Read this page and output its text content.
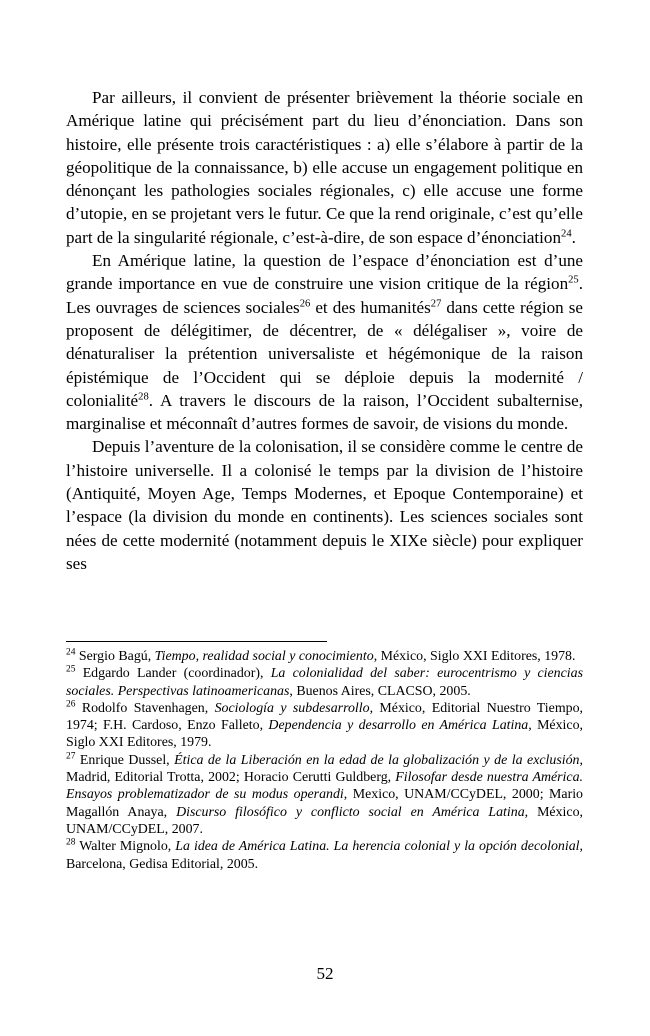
Par ailleurs, il convient de présenter brièvement la théorie sociale en Amérique latine qui précisément part du lieu d’énonciation. Dans son histoire, elle présente trois caractéristiques : a) elle s’élabore à partir de la géopolitique de la connaissance, b) elle accuse un engagement politique en dénonçant les pathologies sociales régionales, c) elle accuse une forme d’utopie, en se projetant vers le futur. Ce que la rend originale, c’est qu’elle part de la singularité régionale, c’est-à-dire, de son espace d’énonciation$^{24}$.

En Amérique latine, la question de l’espace d’énonciation est d’une grande importance en vue de construire une vision critique de la région$^{25}$. Les ouvrages de sciences sociales$^{26}$ et des humanités$^{27}$ dans cette région se proposent de délégitimer, de décentrer, de « délégaliser », voire de dénaturaliser la prétention universaliste et hégémonique de la raison épistémique de l’Occident qui se déploie depuis la modernité / colonialité$^{28}$. A travers le discours de la raison, l’Occident subalternise, marginalise et méconnaît d’autres formes de savoir, de visions du monde.

Depuis l’aventure de la colonisation, il se considère comme le centre de l’histoire universelle. Il a colonisé le temps par la division de l’histoire (Antiquité, Moyen Age, Temps Modernes, et Epoque Contemporaine) et l’espace (la division du monde en continents). Les sciences sociales sont nées de cette modernité (notamment depuis le XIXe siècle) pour expliquer ses

$^{24}$ Sergio Bagú, Tiempo, realidad social y conocimiento, México, Siglo XXI Editores, 1978.

$^{25}$ Edgardo Lander (coordinador), La colonialidad del saber: eurocentrismo y ciencias sociales. Perspectivas latinoamericanas, Buenos Aires, CLACSO, 2005.

$^{26}$ Rodolfo Stavenhagen, Sociología y subdesarrollo, México, Editorial Nuestro Tiempo, 1974; F.H. Cardoso, Enzo Falleto, Dependencia y desarrollo en América Latina, México, Siglo XXI Editores, 1979.

$^{27}$ Enrique Dussel, Ética de la Liberación en la edad de la globalización y de la exclusión, Madrid, Editorial Trotta, 2002; Horacio Cerutti Guldberg, Filosofar desde nuestra América. Ensayos problematizador de su modus operandi, Mexico, UNAM/CCyDEL, 2000; Mario Magallón Anaya, Discurso filosófico y conflicto social en América Latina, México, UNAM/CCyDEL, 2007.

$^{28}$ Walter Mignolo, La idea de América Latina. La herencia colonial y la opción decolonial, Barcelona, Gedisa Editorial, 2005.

52
